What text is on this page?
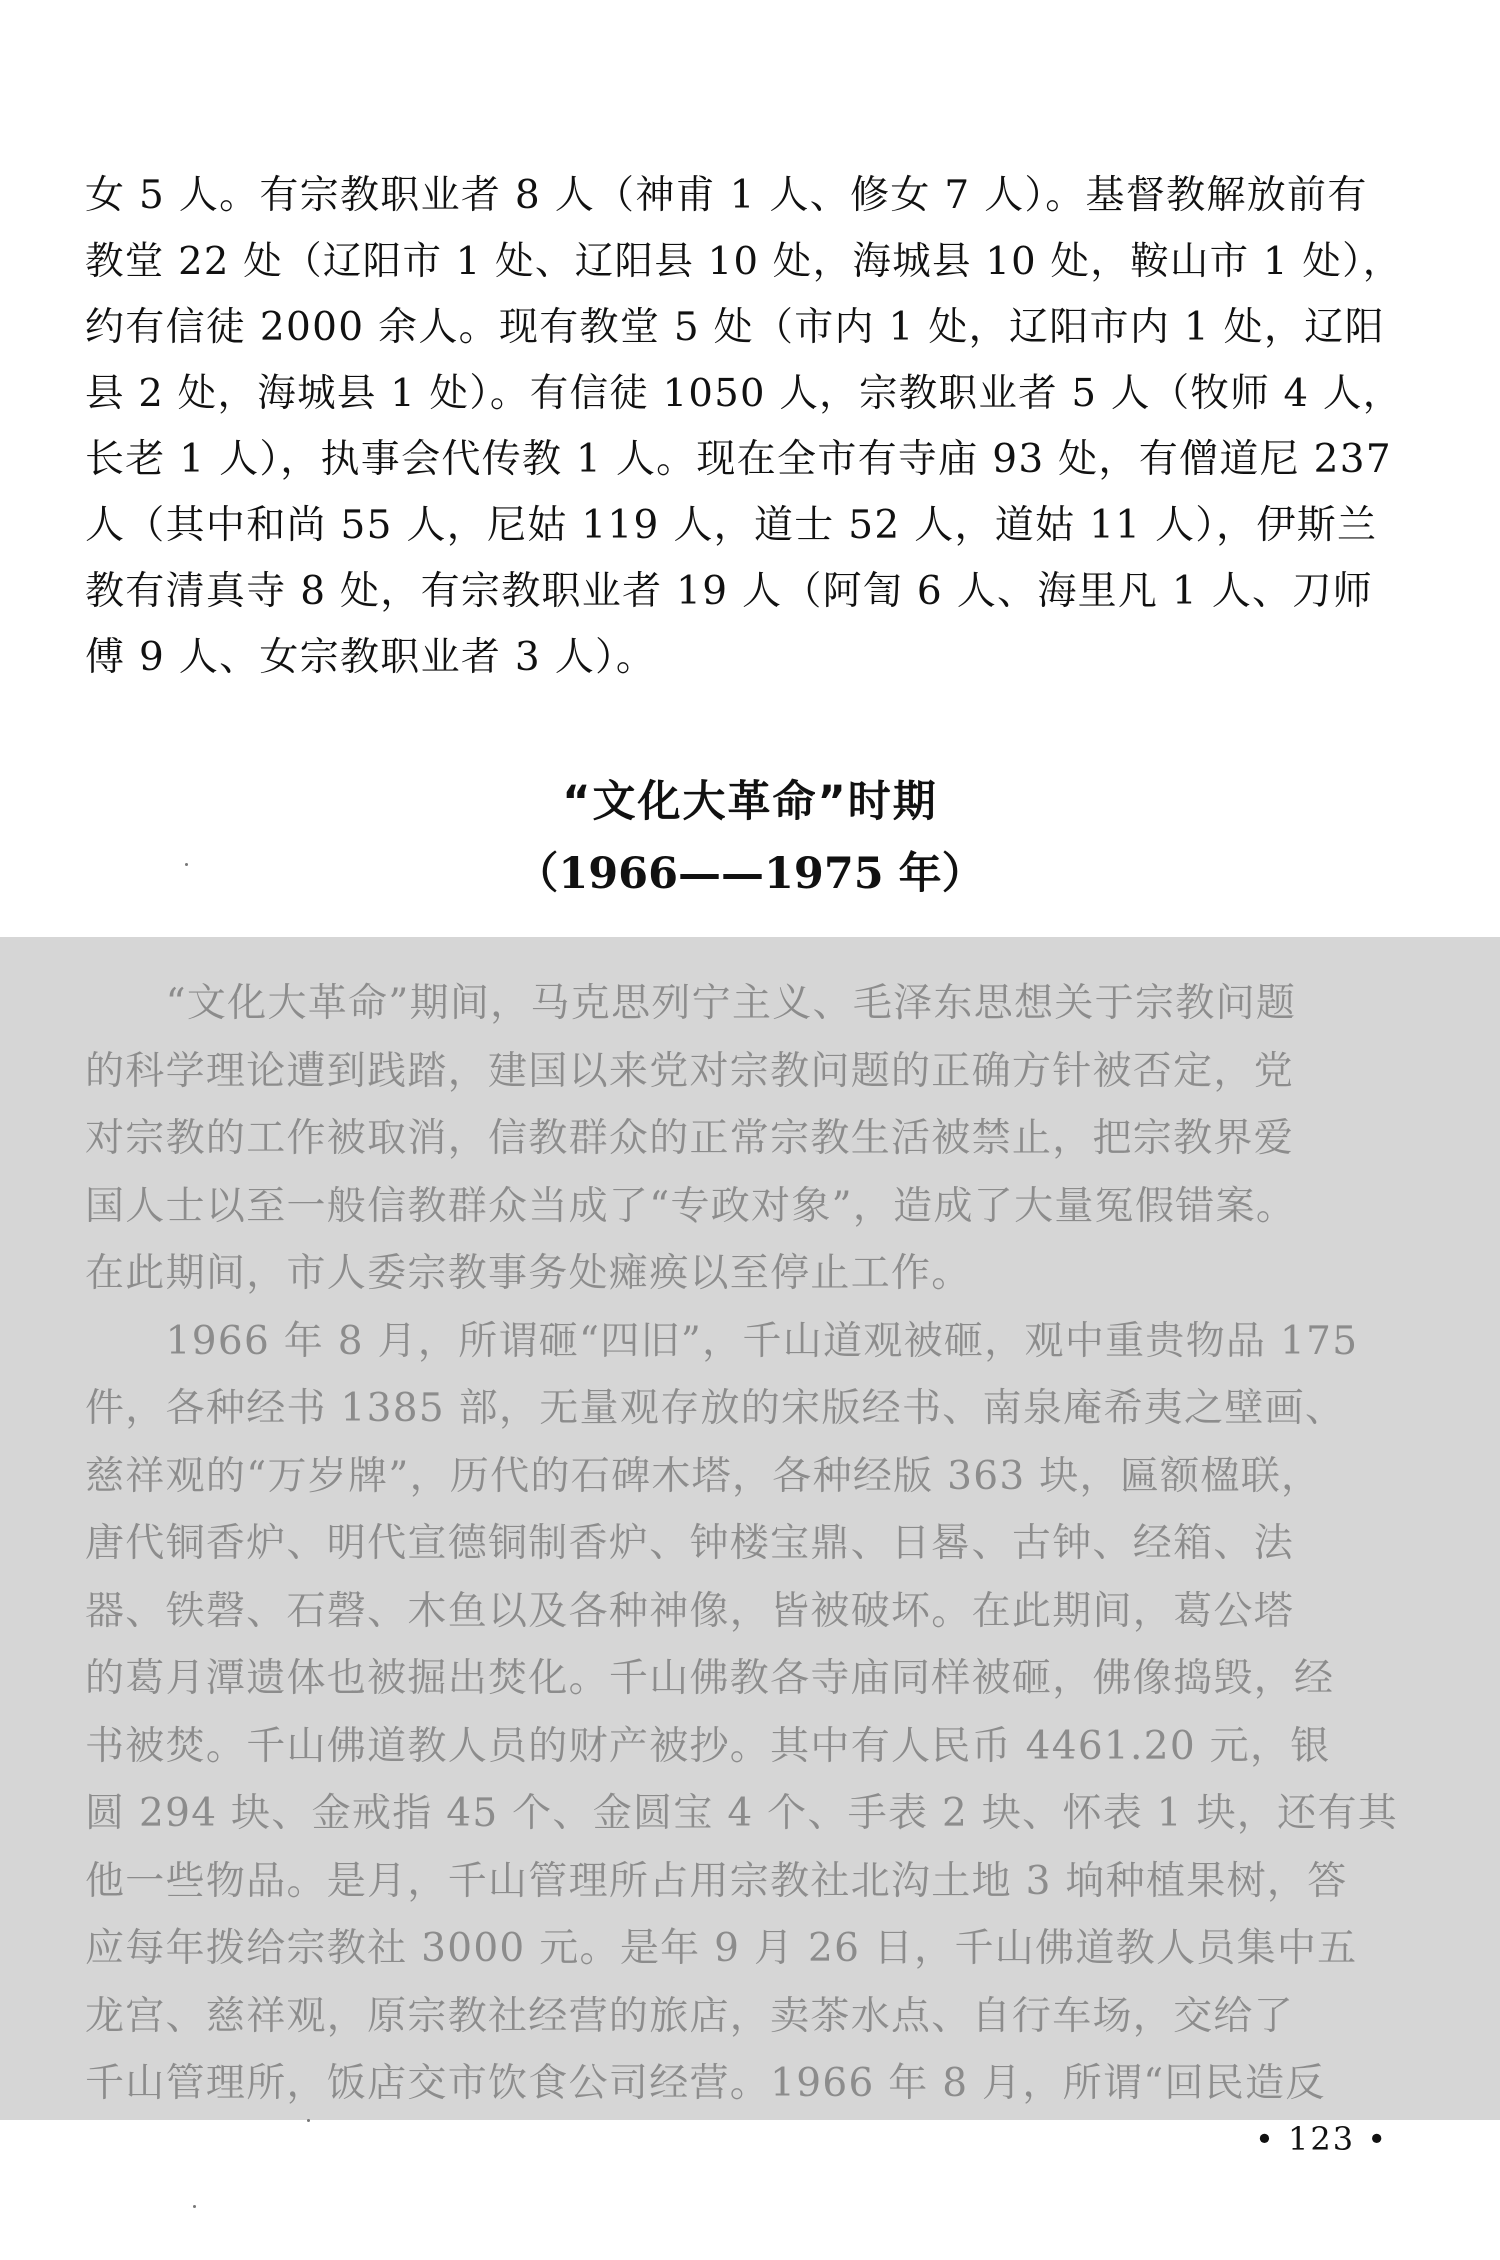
女 5 人。有宗教职业者 8 人（神甫 1 人、修女 7 人）。基督教解放前有
教堂 22 处（辽阳市 1 处、辽阳县 10 处，海城县 10 处，鞍山市 1 处），
约有信徒 2000 余人。现有教堂 5 处（市内 1 处，辽阳市内 1 处，辽阳
县 2 处，海城县 1 处）。有信徒 1050 人，宗教职业者 5 人（牧师 4 人，
长老 1 人），执事会代传教 1 人。现在全市有寺庙 93 处，有僧道尼 237
人（其中和尚 55 人，尼姑 119 人，道士 52 人，道姑 11 人），伊斯兰
教有清真寺 8 处，有宗教职业者 19 人（阿訇 6 人、海里凡 1 人、刀师
傅 9 人、女宗教职业者 3 人）。
“文化大革命”时期
（1966——1975 年）
　　“文化大革命”期间，马克思列宁主义、毛泽东思想关于宗教问题
的科学理论遭到践踏，建国以来党对宗教问题的正确方针被否定，党
对宗教的工作被取消，信教群众的正常宗教生活被禁止，把宗教界爱
国人士以至一般信教群众当成了“专政对象”，造成了大量冤假错案。
在此期间，市人委宗教事务处瘫痪以至停止工作。
　　1966 年 8 月，所谓砸“四旧”，千山道观被砸，观中重贵物品 175
件，各种经书 1385 部，无量观存放的宋版经书、南泉庵希夷之壁画、
慈祥观的“万岁牌”，历代的石碑木塔，各种经版 363 块，匾额楹联，
唐代铜香炉、明代宣德铜制香炉、钟楼宝鼎、日晷、古钟、经箱、法
器、铁磬、石磬、木鱼以及各种神像，皆被破坏。在此期间，葛公塔
的葛月潭遗体也被掘出焚化。千山佛教各寺庙同样被砸，佛像捣毁，经
书被焚。千山佛道教人员的财产被抄。其中有人民币 4461.20 元，银
圆 294 块、金戒指 45 个、金圆宝 4 个、手表 2 块、怀表 1 块，还有其
他一些物品。是月，千山管理所占用宗教社北沟土地 3 垧种植果树，答
应每年拨给宗教社 3000 元。是年 9 月 26 日，千山佛道教人员集中五
龙宫、慈祥观，原宗教社经营的旅店，卖茶水点、自行车场，交给了
千山管理所，饭店交市饮食公司经营。1966 年 8 月，所谓“回民造反
• 123 •
